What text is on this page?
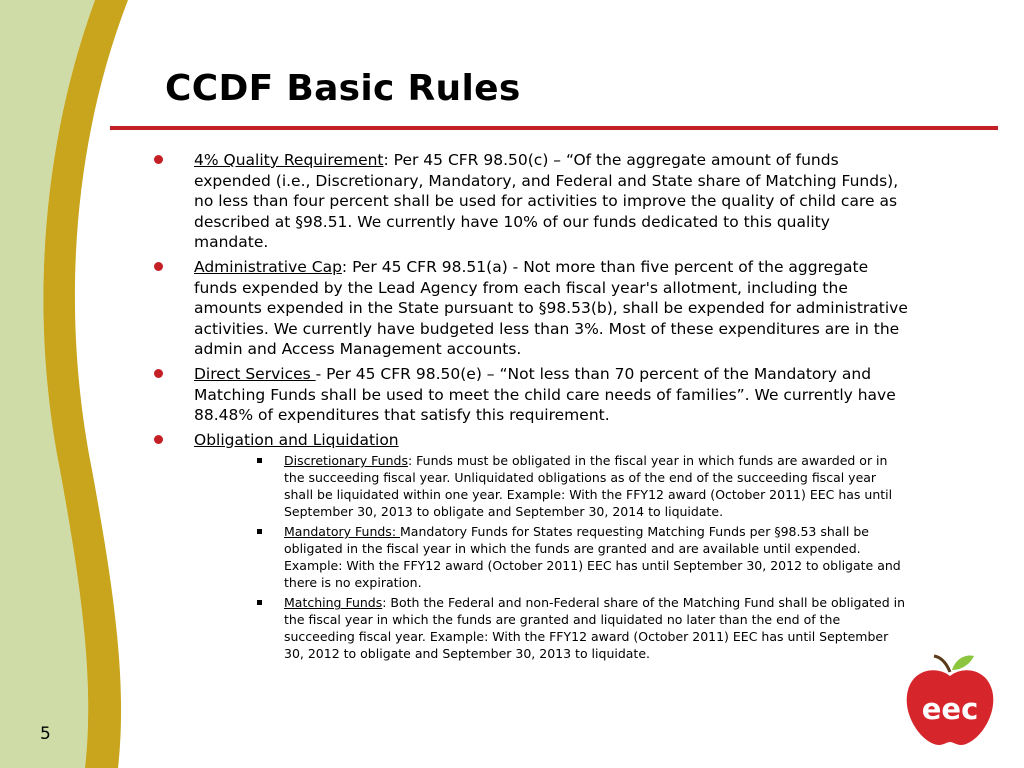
CCDF Basic Rules
4% Quality Requirement: Per 45 CFR 98.50(c) – “Of the aggregate amount of funds expended (i.e., Discretionary, Mandatory, and Federal and State share of Matching Funds), no less than four percent shall be used for activities to improve the quality of child care as described at §98.51. We currently have 10% of our funds dedicated to this quality mandate.
Administrative Cap: Per 45 CFR 98.51(a) - Not more than five percent of the aggregate funds expended by the Lead Agency from each fiscal year's allotment, including the amounts expended in the State pursuant to §98.53(b), shall be expended for administrative activities. We currently have budgeted less than 3%. Most of these expenditures are in the admin and Access Management accounts.
Direct Services - Per 45 CFR 98.50(e) – “Not less than 70 percent of the Mandatory and Matching Funds shall be used to meet the child care needs of families”. We currently have 88.48% of expenditures that satisfy this requirement.
Obligation and Liquidation
Discretionary Funds: Funds must be obligated in the fiscal year in which funds are awarded or in the succeeding fiscal year. Unliquidated obligations as of the end of the succeeding fiscal year shall be liquidated within one year. Example: With the FFY12 award (October 2011) EEC has until September 30, 2013 to obligate and September 30, 2014 to liquidate.
Mandatory Funds: Mandatory Funds for States requesting Matching Funds per §98.53 shall be obligated in the fiscal year in which the funds are granted and are available until expended. Example: With the FFY12 award (October 2011) EEC has until September 30, 2012 to obligate and there is no expiration.
Matching Funds: Both the Federal and non-Federal share of the Matching Fund shall be obligated in the fiscal year in which the funds are granted and liquidated no later than the end of the succeeding fiscal year. Example: With the FFY12 award (October 2011) EEC has until September 30, 2012 to obligate and September 30, 2013 to liquidate.
5
eec
